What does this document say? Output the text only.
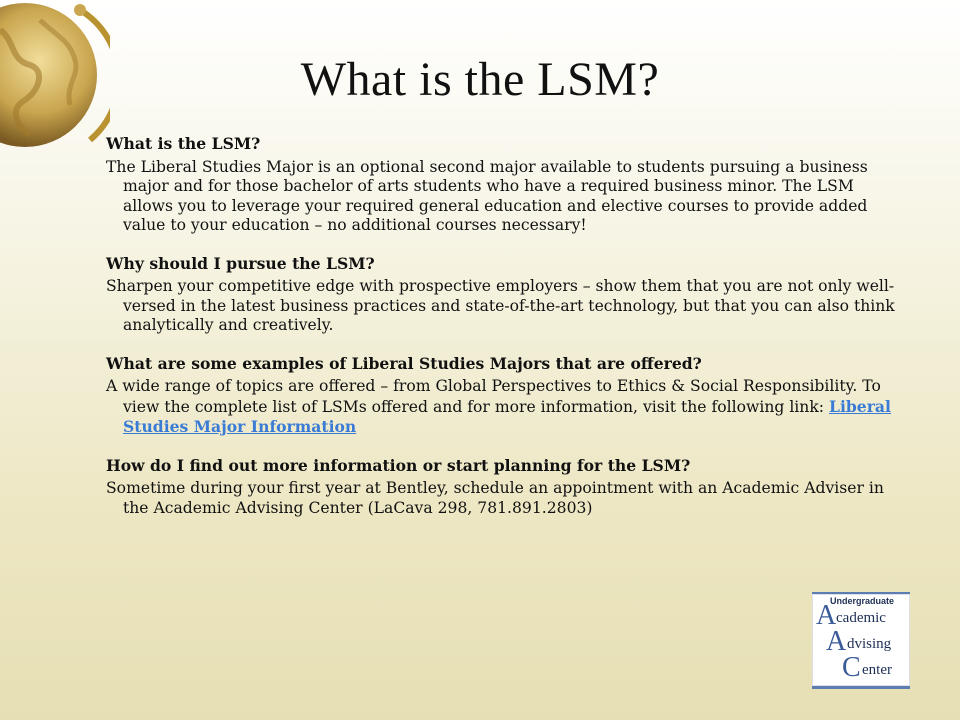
What is the LSM?
What is the LSM?
The Liberal Studies Major is an optional second major available to students pursuing a business major and for those bachelor of arts students who have a required business minor. The LSM allows you to leverage your required general education and elective courses to provide added value to your education – no additional courses necessary!
Why should I pursue the LSM?
Sharpen your competitive edge with prospective employers – show them that you are not only well-versed in the latest business practices and state-of-the-art technology, but that you can also think analytically and creatively.
What are some examples of Liberal Studies Majors that are offered?
A wide range of topics are offered – from Global Perspectives to Ethics & Social Responsibility. To view the complete list of LSMs offered and for more information, visit the following link: Liberal Studies Major Information
How do I find out more information or start planning for the LSM?
Sometime during your first year at Bentley, schedule an appointment with an Academic Adviser in the Academic Advising Center (LaCava 298, 781.891.2803)
Undergraduate
A cademic
A dvising
C enter
